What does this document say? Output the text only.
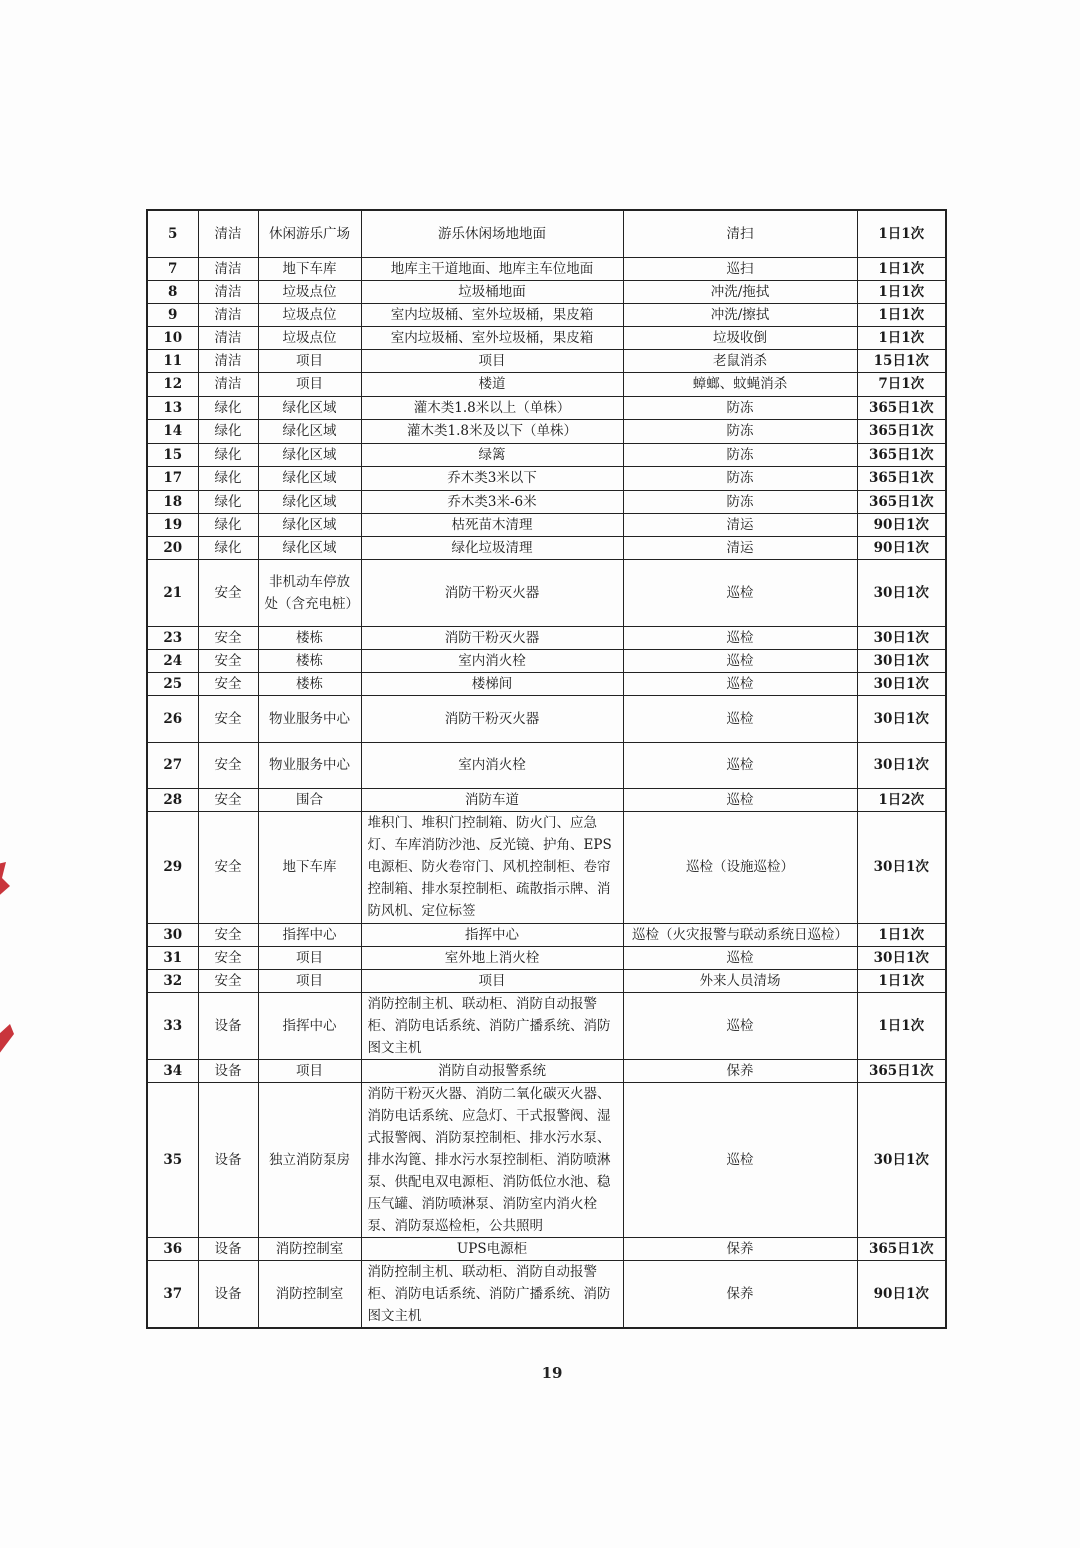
5	清洁	休闲游乐广场	游乐休闲场地地面	清扫	1日1次
7	清洁	地下车库	地库主干道地面、地库主车位地面	巡扫	1日1次
8	清洁	垃圾点位	垃圾桶地面	冲洗/拖拭	1日1次
9	清洁	垃圾点位	室内垃圾桶、室外垃圾桶，果皮箱	冲洗/擦拭	1日1次
10	清洁	垃圾点位	室内垃圾桶、室外垃圾桶，果皮箱	垃圾收倒	1日1次
11	清洁	项目	项目	老鼠消杀	15日1次
12	清洁	项目	楼道	蟑螂、蚊蝇消杀	7日1次
13	绿化	绿化区域	灌木类1.8米以上（单株）	防冻	365日1次
14	绿化	绿化区域	灌木类1.8米及以下（单株）	防冻	365日1次
15	绿化	绿化区域	绿篱	防冻	365日1次
17	绿化	绿化区域	乔木类3米以下	防冻	365日1次
18	绿化	绿化区域	乔木类3米-6米	防冻	365日1次
19	绿化	绿化区域	枯死苗木清理	清运	90日1次
20	绿化	绿化区域	绿化垃圾清理	清运	90日1次
21	安全	非机动车停放处（含充电桩）	消防干粉灭火器	巡检	30日1次
23	安全	楼栋	消防干粉灭火器	巡检	30日1次
24	安全	楼栋	室内消火栓	巡检	30日1次
25	安全	楼栋	楼梯间	巡检	30日1次
26	安全	物业服务中心	消防干粉灭火器	巡检	30日1次
27	安全	物业服务中心	室内消火栓	巡检	30日1次
28	安全	围合	消防车道	巡检	1日2次
29	安全	地下车库	堆积门、堆积门控制箱、防火门、应急灯、车库消防沙池、反光镜、护角、EPS电源柜、防火卷帘门、风机控制柜、卷帘控制箱、排水泵控制柜、疏散指示牌、消防风机、定位标签	巡检（设施巡检）	30日1次
30	安全	指挥中心	指挥中心	巡检（火灾报警与联动系统日巡检）	1日1次
31	安全	项目	室外地上消火栓	巡检	30日1次
32	安全	项目	项目	外来人员清场	1日1次
33	设备	指挥中心	消防控制主机、联动柜、消防自动报警柜、消防电话系统、消防广播系统、消防图文主机	巡检	1日1次
34	设备	项目	消防自动报警系统	保养	365日1次
35	设备	独立消防泵房	消防干粉灭火器、消防二氧化碳灭火器、消防电话系统、应急灯、干式报警阀、湿式报警阀、消防泵控制柜、排水污水泵、排水沟篦、排水污水泵控制柜、消防喷淋泵、供配电双电源柜、消防低位水池、稳压气罐、消防喷淋泵、消防室内消火栓泵、消防泵巡检柜，公共照明	巡检	30日1次
36	设备	消防控制室	UPS电源柜	保养	365日1次
37	设备	消防控制室	消防控制主机、联动柜、消防自动报警柜、消防电话系统、消防广播系统、消防图文主机	保养	90日1次
19
